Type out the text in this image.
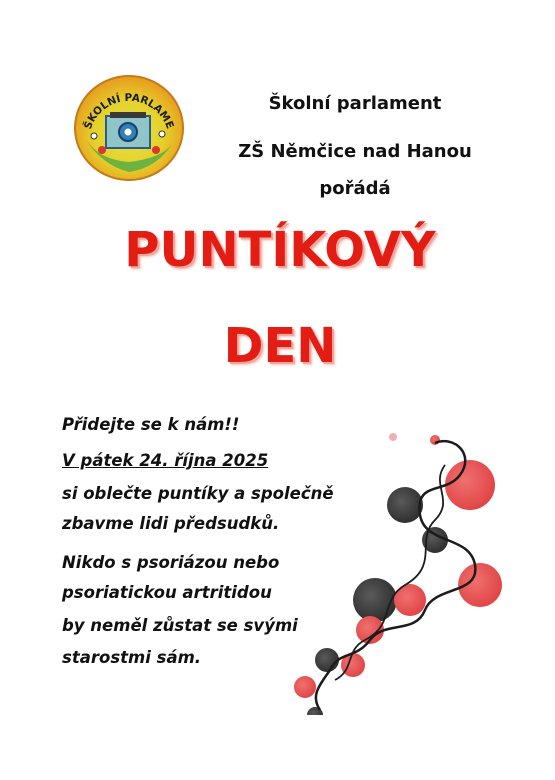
ŠKOLNÍ PARLAME
Školní parlament
ZŠ Němčice nad Hanou
pořádá
PUNTÍKOVÝ
DEN
Přidejte se k nám!!
V pátek 24. října 2025
si oblečte puntíky a společně
zbavme lidi předsudků.
Nikdo s psoriázou nebo
psoriatickou artritidou
by neměl zůstat se svými
starostmi sám.
